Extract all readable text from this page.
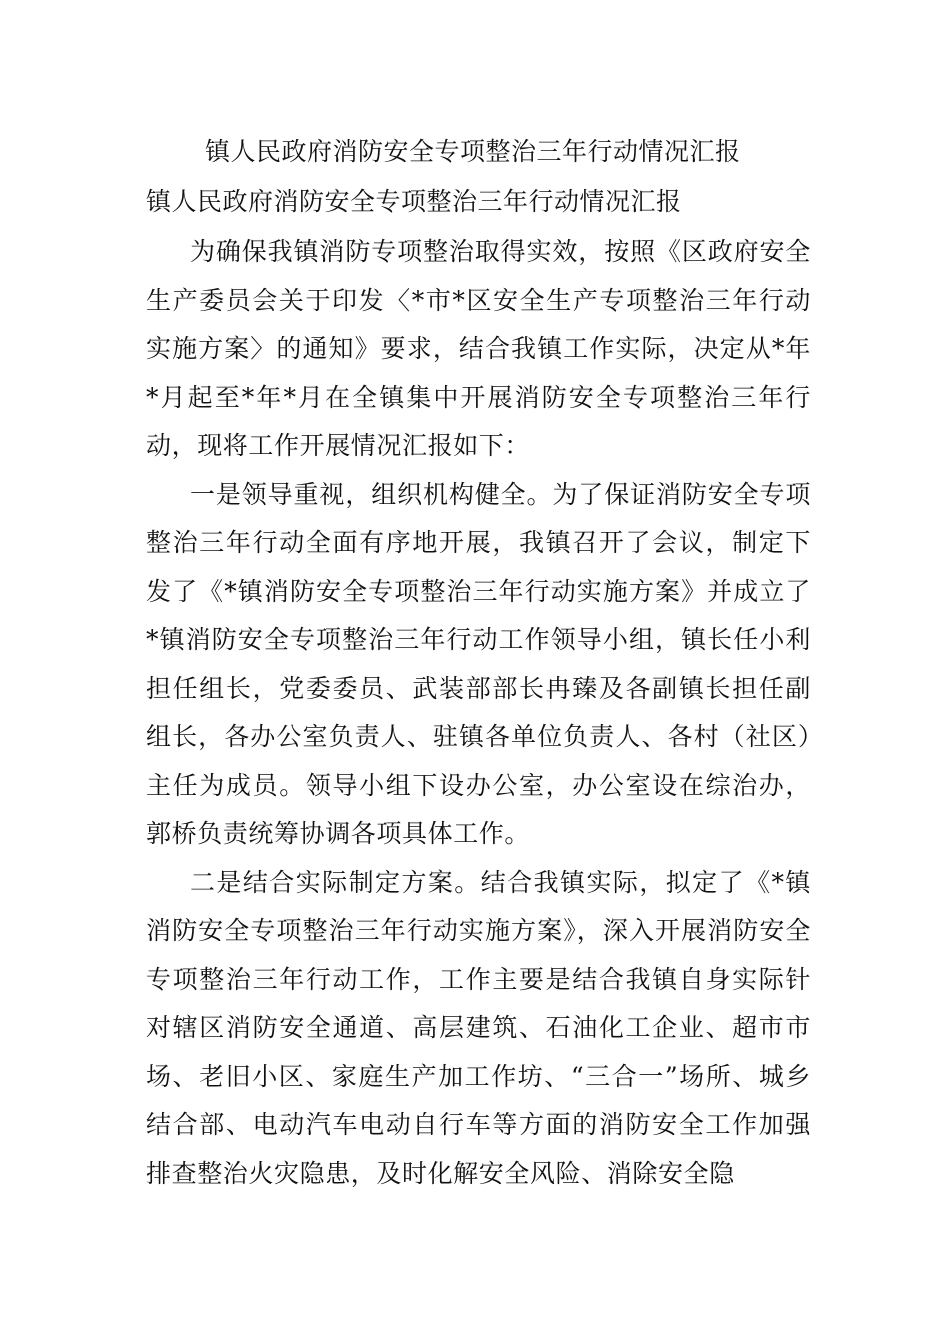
镇人民政府消防安全专项整治三年行动情况汇报
镇人民政府消防安全专项整治三年行动情况汇报

为确保我镇消防专项整治取得实效，按照《区政府安全生产委员会关于印发〈*市*区安全生产专项整治三年行动实施方案〉的通知》要求，结合我镇工作实际，决定从*年*月起至*年*月在全镇集中开展消防安全专项整治三年行动，现将工作开展情况汇报如下：

一是领导重视，组织机构健全。为了保证消防安全专项整治三年行动全面有序地开展，我镇召开了会议，制定下发了《*镇消防安全专项整治三年行动实施方案》并成立了*镇消防安全专项整治三年行动工作领导小组，镇长任小利担任组长，党委委员、武装部部长冉臻及各副镇长担任副组长，各办公室负责人、驻镇各单位负责人、各村（社区）主任为成员。领导小组下设办公室，办公室设在综治办，郭桥负责统筹协调各项具体工作。

二是结合实际制定方案。结合我镇实际，拟定了《*镇消防安全专项整治三年行动实施方案》，深入开展消防安全专项整治三年行动工作，工作主要是结合我镇自身实际针对辖区消防安全通道、高层建筑、石油化工企业、超市市场、老旧小区、家庭生产加工作坊、“三合一”场所、城乡结合部、电动汽车电动自行车等方面的消防安全工作加强排查整治火灾隐患，及时化解安全风险、消除安全隐
